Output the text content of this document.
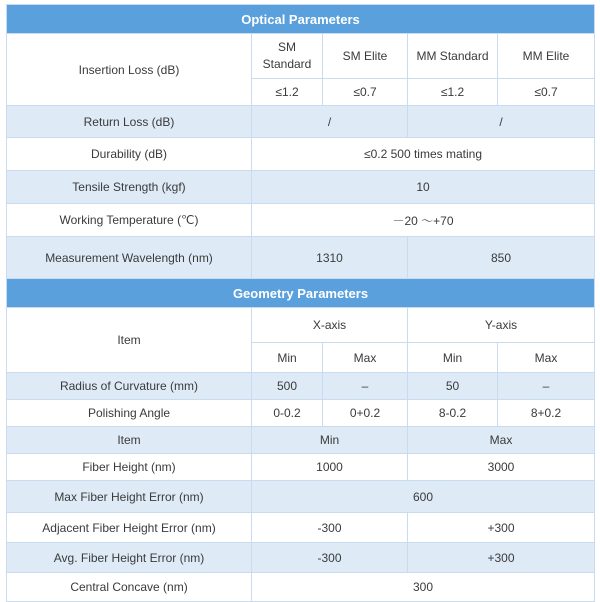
Optical Parameters				
Insertion Loss (dB)	SM Standard	SM Elite	MM Standard	MM Elite
	≤1.2	≤0.7	≤1.2	≤0.7
Return Loss (dB)	/		/	
Durability (dB)	≤0.2 500 times mating			
Tensile Strength (kgf)	10			
Working Temperature (℃)	－20 ～+70			
Measurement Wavelength (nm)	1310		850	
Geometry Parameters				
Item	X-axis		Y-axis	
	Min	Max	Min	Max
Radius of Curvature (mm)	500	–	50	–
Polishing Angle	0-0.2	0+0.2	8-0.2	8+0.2
Item	Min		Max	
Fiber Height (nm)	1000		3000	
Max Fiber Height Error (nm)	600			
Adjacent Fiber Height Error (nm)	-300		+300	
Avg. Fiber Height Error (nm)	-300		+300	
Central Concave (nm)	300			
